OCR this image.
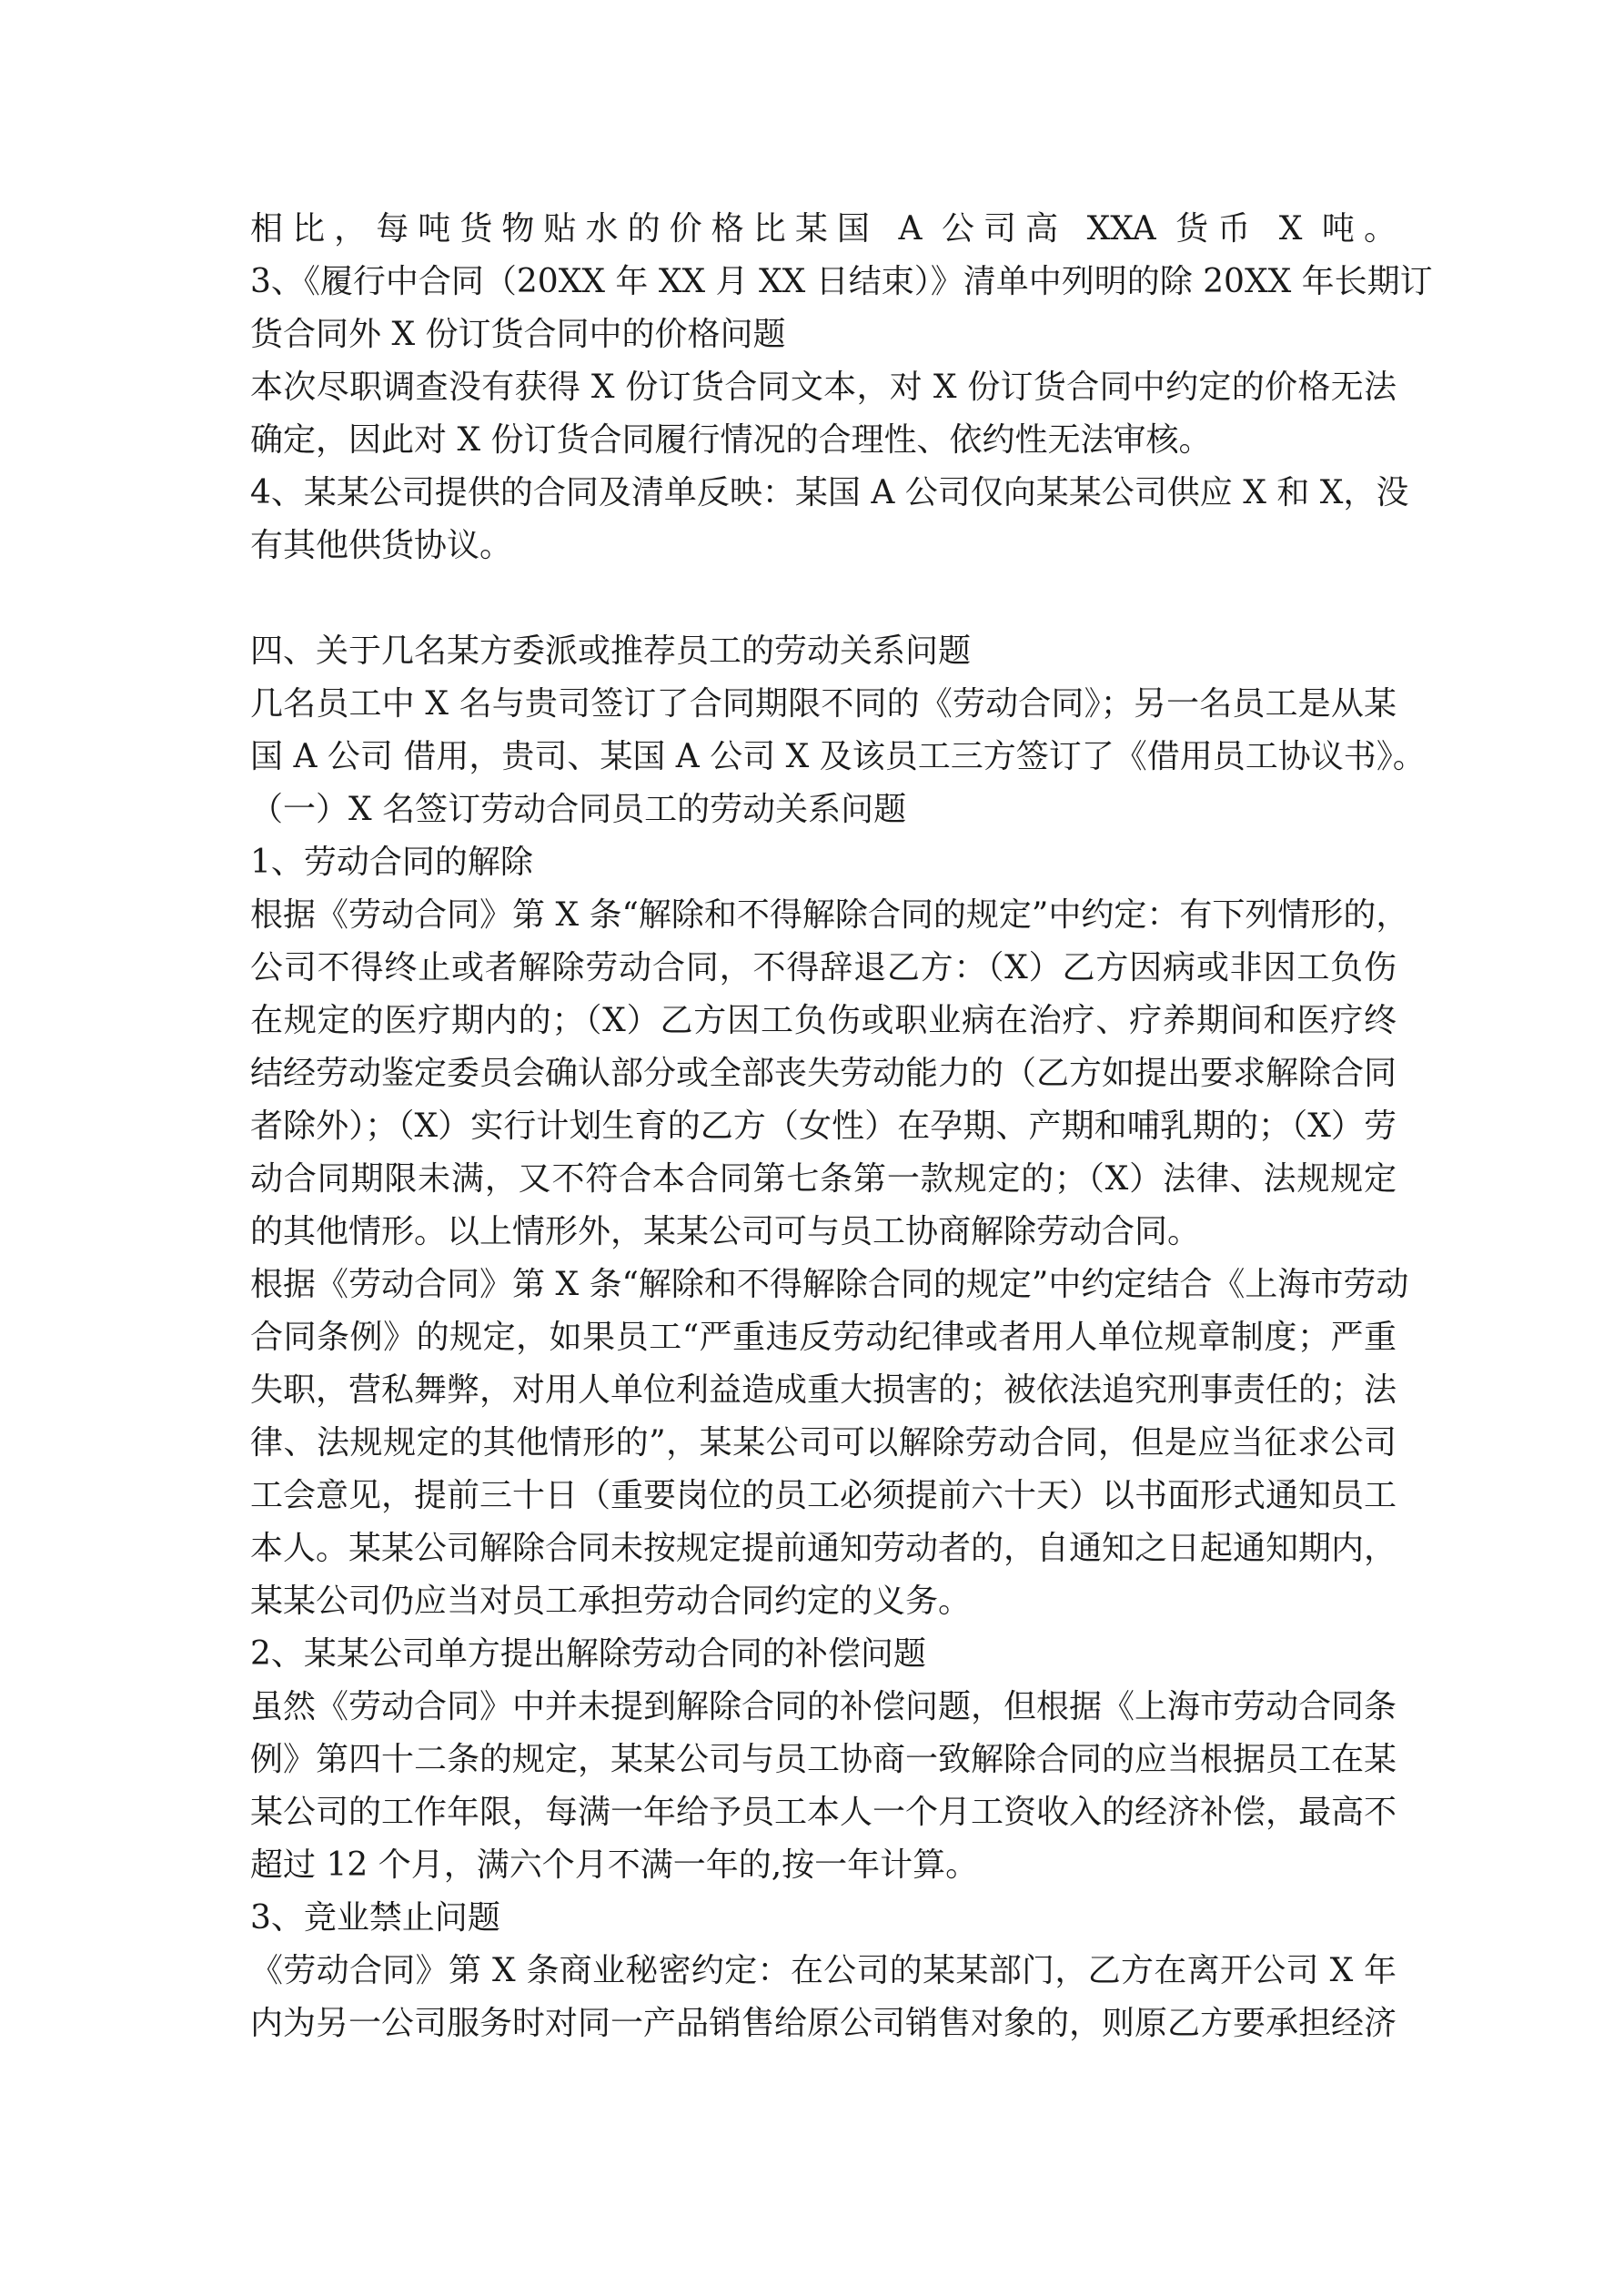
相比，每吨货物贴水的价格比某国 A 公司高 XXA 货币 X 吨。
3、《履行中合同（20XX 年 XX 月 XX 日结束）》清单中列明的除 20XX 年长期订
货合同外 X 份订货合同中的价格问题
本次尽职调查没有获得 X 份订货合同文本，对 X 份订货合同中约定的价格无法
确定，因此对 X 份订货合同履行情况的合理性、依约性无法审核。
4、某某公司提供的合同及清单反映：某国 A 公司仅向某某公司供应 X 和 X，没
有其他供货协议。
四、关于几名某方委派或推荐员工的劳动关系问题
几名员工中 X 名与贵司签订了合同期限不同的《劳动合同》；另一名员工是从某
国 A 公司 借用，贵司、某国 A 公司 X 及该员工三方签订了《借用员工协议书》。
（一）X 名签订劳动合同员工的劳动关系问题
1、劳动合同的解除
根据《劳动合同》第 X 条“解除和不得解除合同的规定”中约定：有下列情形的，
公司不得终止或者解除劳动合同，不得辞退乙方：（X）乙方因病或非因工负伤
在规定的医疗期内的；（X）乙方因工负伤或职业病在治疗、疗养期间和医疗终
结经劳动鉴定委员会确认部分或全部丧失劳动能力的（乙方如提出要求解除合同
者除外）；（X）实行计划生育的乙方（女性）在孕期、产期和哺乳期的；（X）劳
动合同期限未满，又不符合本合同第七条第一款规定的；（X）法律、法规规定
的其他情形。以上情形外，某某公司可与员工协商解除劳动合同。
根据《劳动合同》第 X 条“解除和不得解除合同的规定”中约定结合《上海市劳动
合同条例》的规定，如果员工“严重违反劳动纪律或者用人单位规章制度；严重
失职，营私舞弊，对用人单位利益造成重大损害的；被依法追究刑事责任的；法
律、法规规定的其他情形的”，某某公司可以解除劳动合同，但是应当征求公司
工会意见，提前三十日（重要岗位的员工必须提前六十天）以书面形式通知员工
本人。某某公司解除合同未按规定提前通知劳动者的，自通知之日起通知期内，
某某公司仍应当对员工承担劳动合同约定的义务。
2、某某公司单方提出解除劳动合同的补偿问题
虽然《劳动合同》中并未提到解除合同的补偿问题，但根据《上海市劳动合同条
例》第四十二条的规定，某某公司与员工协商一致解除合同的应当根据员工在某
某公司的工作年限，每满一年给予员工本人一个月工资收入的经济补偿，最高不
超过 12 个月，满六个月不满一年的,按一年计算。
3、竞业禁止问题
《劳动合同》第 X 条商业秘密约定：在公司的某某部门，乙方在离开公司 X 年
内为另一公司服务时对同一产品销售给原公司销售对象的，则原乙方要承担经济
